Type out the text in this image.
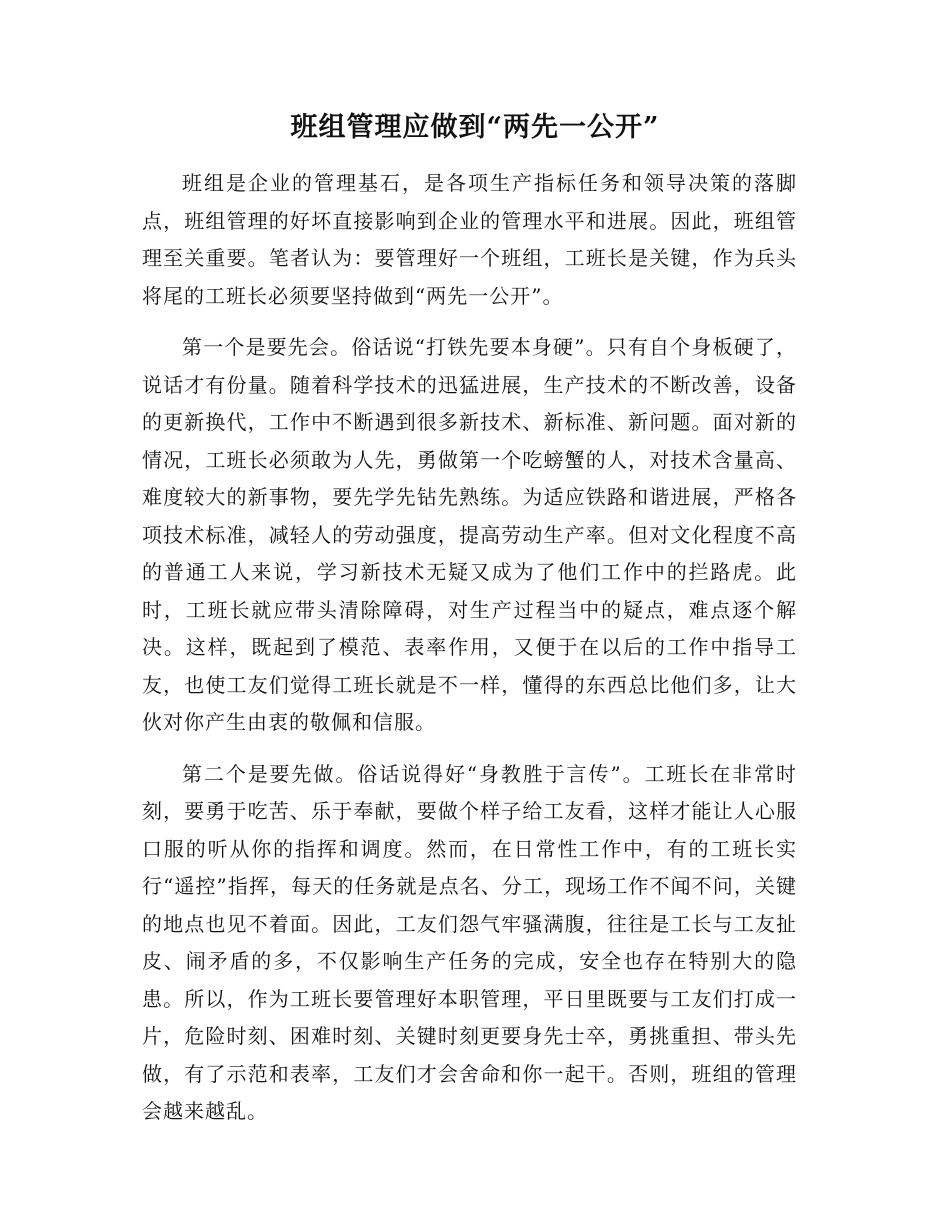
班组管理应做到“两先一公开”

班组是企业的管理基石，是各项生产指标任务和领导决策的落脚点，班组管理的好坏直接影响到企业的管理水平和进展。因此，班组管理至关重要。笔者认为：要管理好一个班组，工班长是关键，作为兵头将尾的工班长必须要坚持做到“两先一公开”。

第一个是要先会。俗话说“打铁先要本身硬”。只有自个身板硬了，说话才有份量。随着科学技术的迅猛进展，生产技术的不断改善，设备的更新换代，工作中不断遇到很多新技术、新标准、新问题。面对新的情况，工班长必须敢为人先，勇做第一个吃螃蟹的人，对技术含量高、难度较大的新事物，要先学先钻先熟练。为适应铁路和谐进展，严格各项技术标准，减轻人的劳动强度，提高劳动生产率。但对文化程度不高的普通工人来说，学习新技术无疑又成为了他们工作中的拦路虎。此时，工班长就应带头清除障碍，对生产过程当中的疑点，难点逐个解决。这样，既起到了模范、表率作用，又便于在以后的工作中指导工友，也使工友们觉得工班长就是不一样，懂得的东西总比他们多，让大伙对你产生由衷的敬佩和信服。

第二个是要先做。俗话说得好“身教胜于言传”。工班长在非常时刻，要勇于吃苦、乐于奉献，要做个样子给工友看，这样才能让人心服口服的听从你的指挥和调度。然而，在日常性工作中，有的工班长实行“遥控”指挥，每天的任务就是点名、分工，现场工作不闻不问，关键的地点也见不着面。因此，工友们怨气牢骚满腹，往往是工长与工友扯皮、闹矛盾的多，不仅影响生产任务的完成，安全也存在特别大的隐患。所以，作为工班长要管理好本职管理，平日里既要与工友们打成一片，危险时刻、困难时刻、关键时刻更要身先士卒，勇挑重担、带头先做，有了示范和表率，工友们才会舍命和你一起干。否则，班组的管理会越来越乱。
